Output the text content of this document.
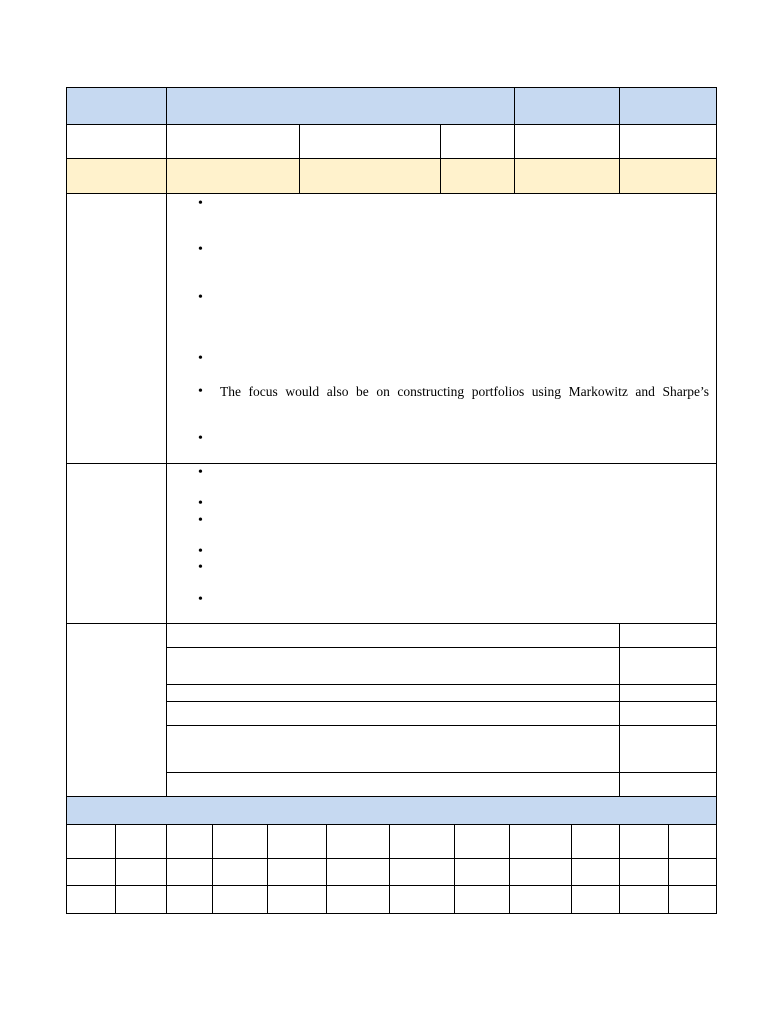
•
•
•
•
•
•
The focus would also be on constructing portfolios using Markowitz and Sharpe’s
•
•
•
•
•
•
